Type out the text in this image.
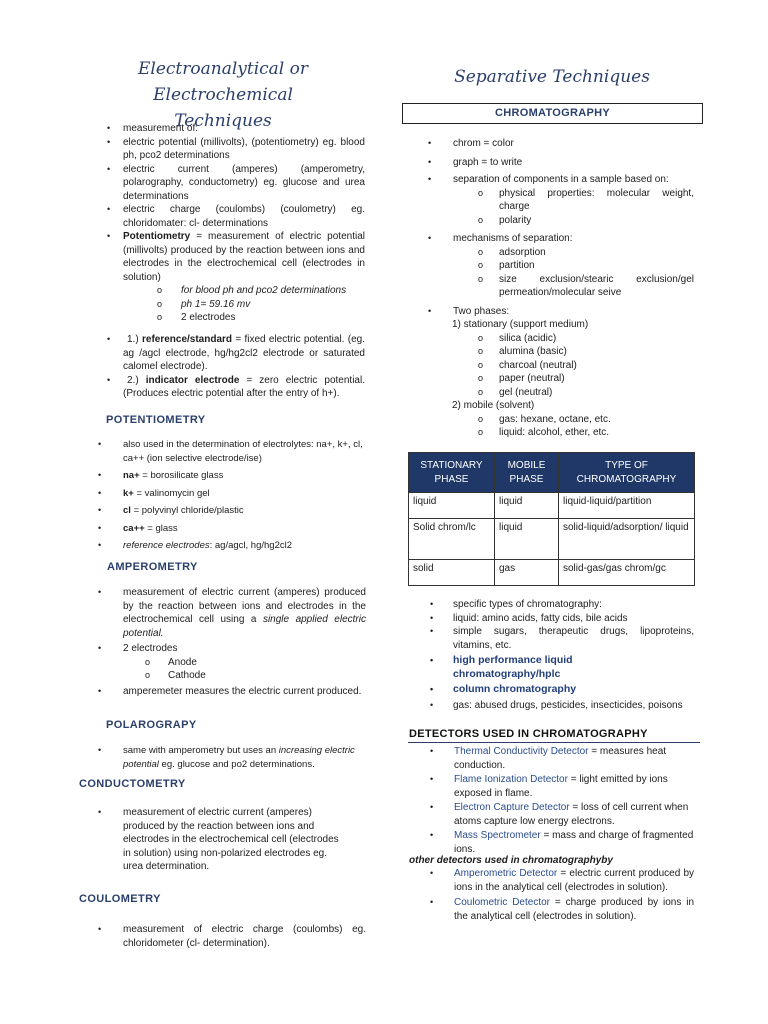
Electroanalytical or Electrochemical
Techniques
• measurement of:
• electric potential (millivolts), (potentiometry) eg. blood ph, pco2 determinations
• electric current (amperes) (amperometry, polarography, conductometry) eg. glucose and urea determinations
• electric charge (coulombs) (coulometry) eg. chloridomater: cl- determinations
• Potentiometry = measurement of electric potential (millivolts) produced by the reaction between ions and electrodes in the electrochemical cell (electrodes in solution)
o for blood ph and pco2 determinations
o ph 1= 59.16 mv
o 2 electrodes
• 1.) reference/standard = fixed electric potential. (eg. ag /agcl electrode, hg/hg2cl2 electrode or saturated calomel electrode).
• 2.) indicator electrode = zero electric potential. (Produces electric potential after the entry of h+).
POTENTIOMETRY
• also used in the determination of electrolytes: na+, k+, cl, ca++ (ion selective electrode/ise)
• na+ = borosilicate glass
• k+ = valinomycin gel
• cl = polyvinyl chloride/plastic
• ca++ = glass
• reference electrodes: ag/agcl, hg/hg2cl2
AMPEROMETRY
• measurement of electric current (amperes) produced by the reaction between ions and electrodes in the electrochemical cell using a single applied electric potential.
• 2 electrodes
o Anode
o Cathode
• amperemeter measures the electric current produced.
POLAROGRAPY
• same with amperometry but uses an increasing electric potential eg. glucose and po2 determinations.
CONDUCTOMETRY
• measurement of electric current (amperes) produced by the reaction between ions and electrodes in the electrochemical cell (electrodes in solution) using non-polarized electrodes eg. urea determination.
COULOMETRY
• measurement of electric charge (coulombs) eg. chloridometer (cl- determination).
Separative Techniques
CHROMATOGRAPHY
• chrom = color
• graph = to write
• separation of components in a sample based on:
o physical properties: molecular weight, charge
o polarity
• mechanisms of separation:
o adsorption
o partition
o size exclusion/stearic exclusion/gel permeation/molecular seive
• Two phases:
1) stationary (support medium)
o silica (acidic)
o alumina (basic)
o charcoal (neutral)
o paper (neutral)
o gel (neutral)
2) mobile (solvent)
o gas: hexane, octane, etc.
o liquid: alcohol, ether, etc.
STATIONARY PHASE	MOBILE PHASE	TYPE OF CHROMATOGRAPHY
liquid	liquid	liquid-liquid/partition
Solid chrom/lc	liquid	solid-liquid/adsorption/ liquid
solid	gas	solid-gas/gas chrom/gc
• specific types of chromatography:
• liquid: amino acids, fatty cids, bile acids
• simple sugars, therapeutic drugs, lipoproteins, vitamins, etc.
• high performance liquid chromatography/hplc
• column chromatography
• gas: abused drugs, pesticides, insecticides, poisons
DETECTORS USED IN CHROMATOGRAPHY
• Thermal Conductivity Detector = measures heat conduction.
• Flame Ionization Detector = light emitted by ions exposed in flame.
• Electron Capture Detector = loss of cell current when atoms capture low energy electrons.
• Mass Spectrometer = mass and charge of fragmented ions.
other detectors used in chromatographyby
• Amperometric Detector = electric current produced by ions in the analytical cell (electrodes in solution).
• Coulometric Detector = charge produced by ions in the analytical cell (electrodes in solution).
